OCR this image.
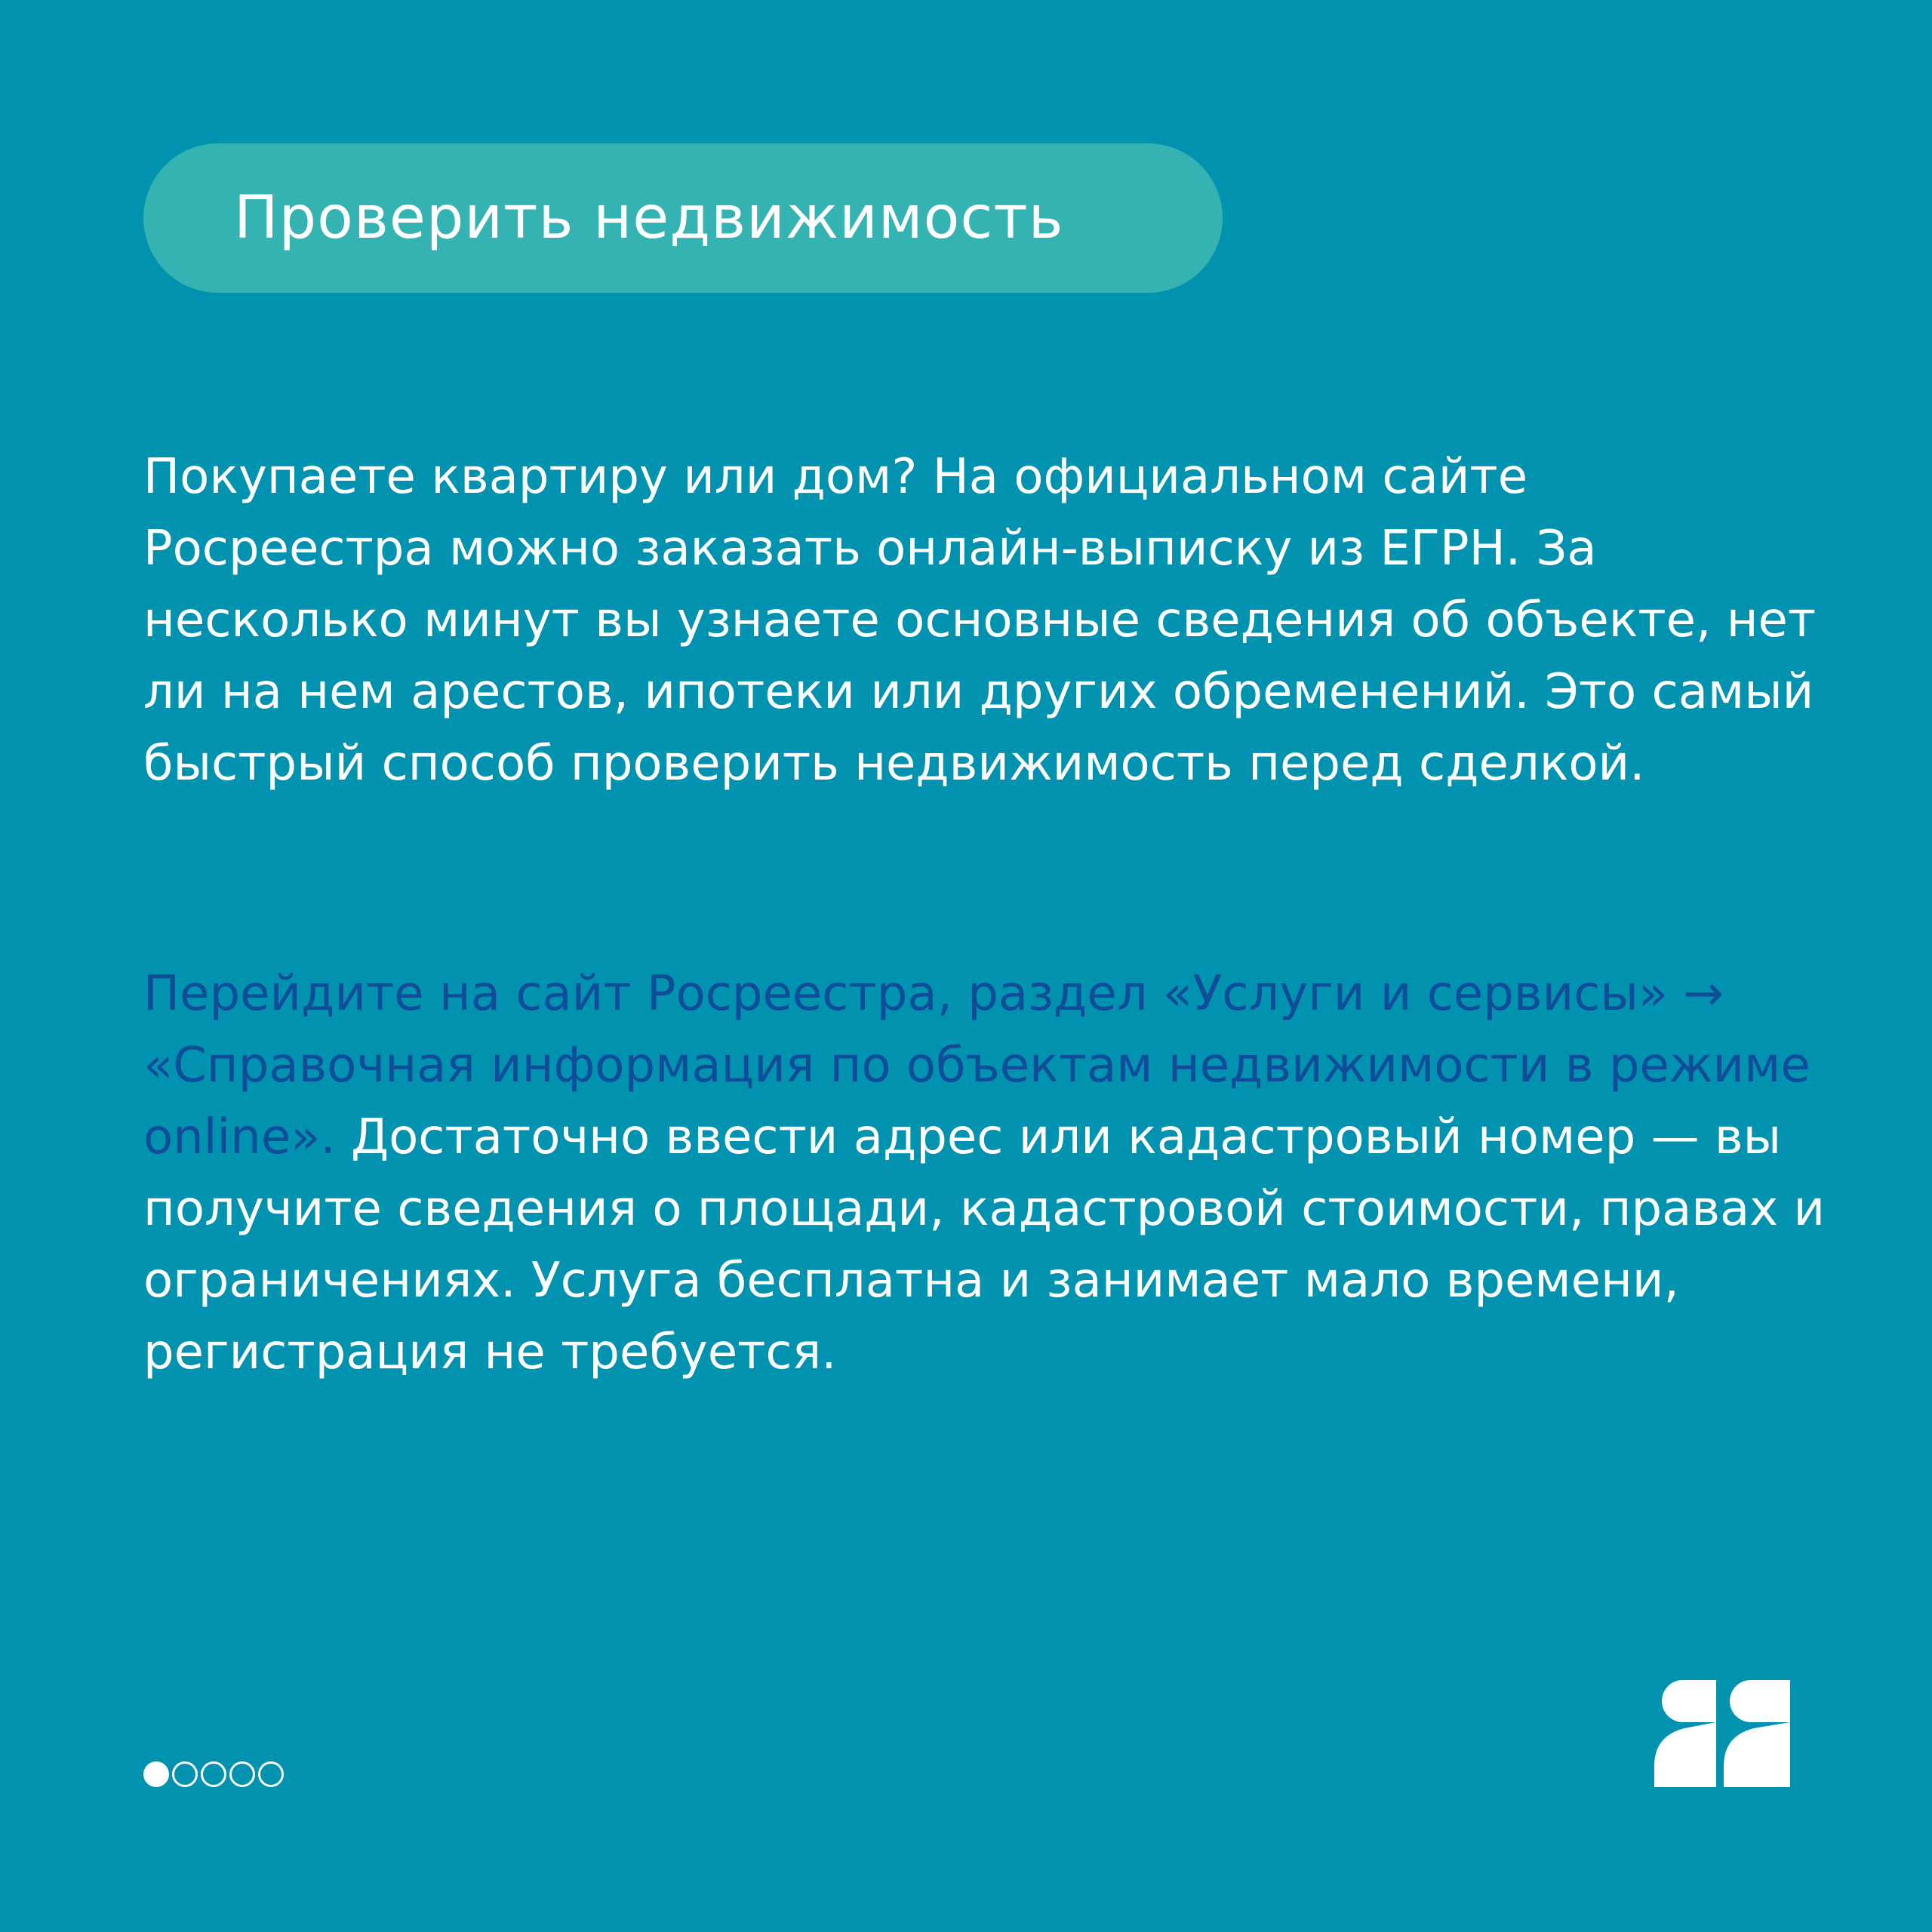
Проверить недвижимость

Покупаете квартиру или дом? На официальном сайте Росреестра можно заказать онлайн-выписку из ЕГРН. За несколько минут вы узнаете основные сведения об объекте, нет ли на нем арестов, ипотеки или других обременений. Это самый быстрый способ проверить недвижимость перед сделкой.

Перейдите на сайт Росреестра, раздел «Услуги и сервисы» → «Справочная информация по объектам недвижимости в режиме online». Достаточно ввести адрес или кадастровый номер — вы получите сведения о площади, кадастровой стоимости, правах и ограничениях. Услуга бесплатна и занимает мало времени, регистрация не требуется.
